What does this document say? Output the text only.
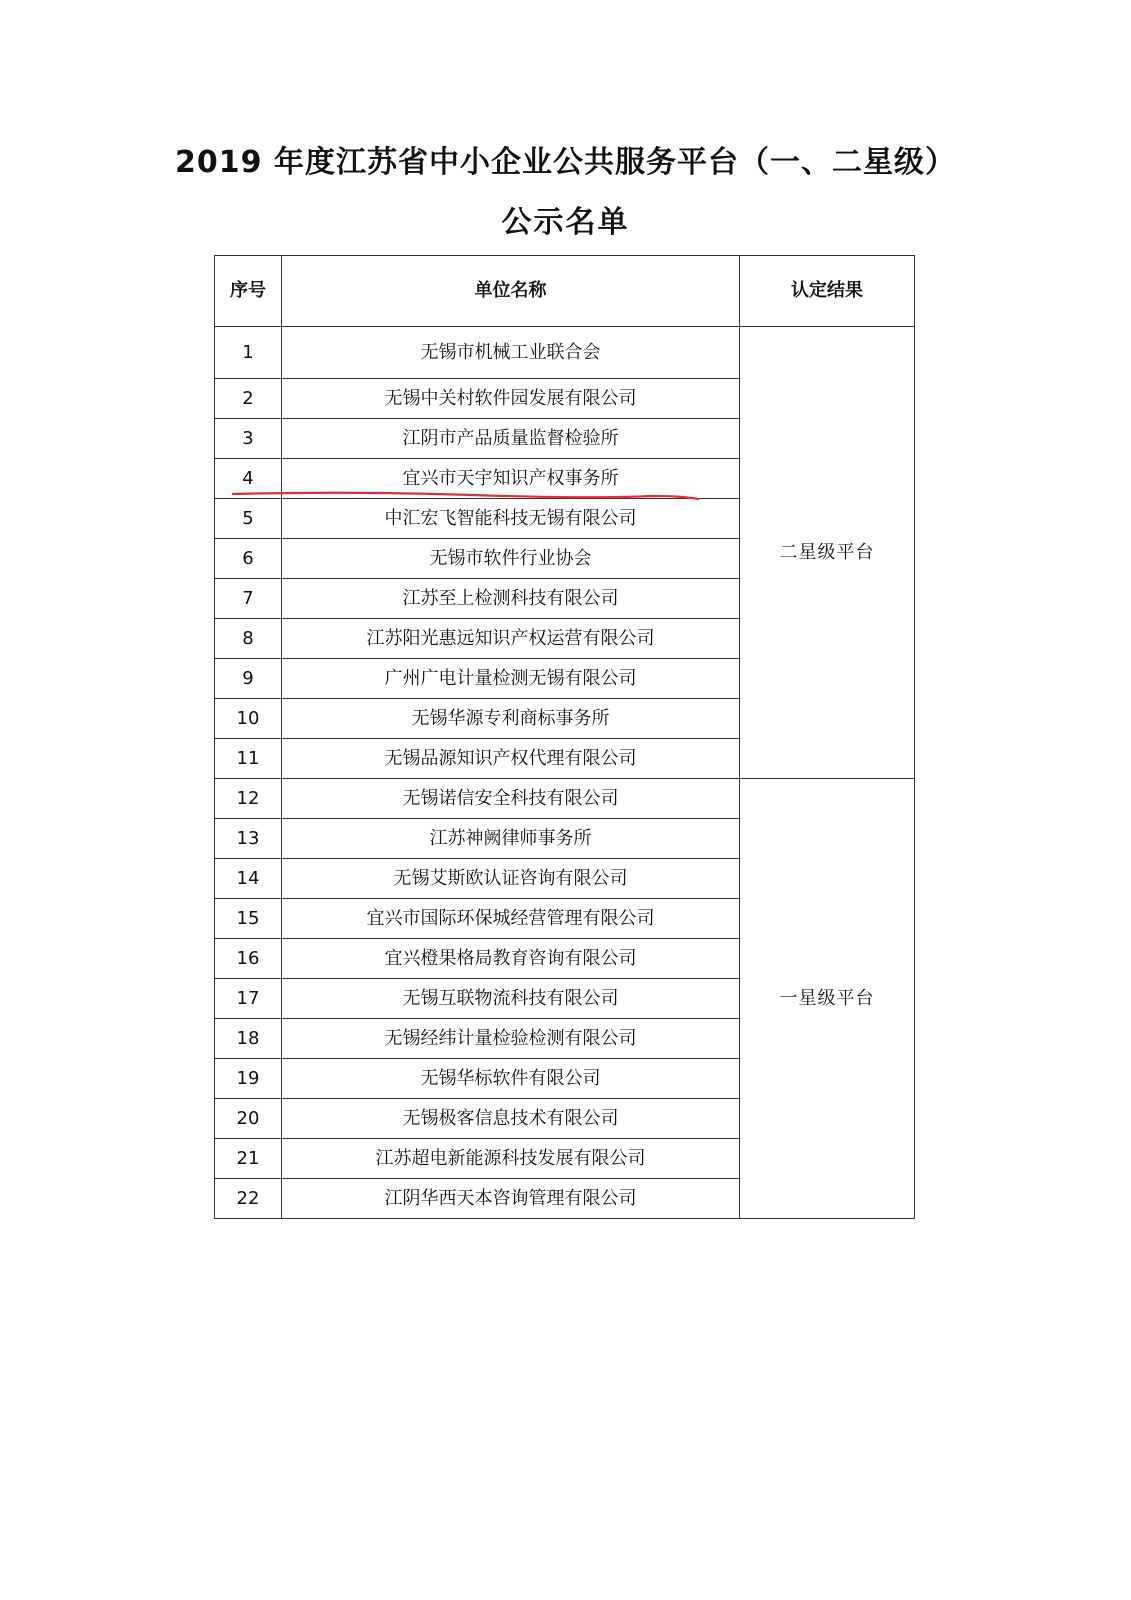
2019 年度江苏省中小企业公共服务平台（一、二星级）
公示名单
序号	单位名称	认定结果
1	无锡市机械工业联合会	二星级平台
2	无锡中关村软件园发展有限公司	
3	江阴市产品质量监督检验所	
4	宜兴市天宇知识产权事务所	
5	中汇宏飞智能科技无锡有限公司	
6	无锡市软件行业协会	
7	江苏至上检测科技有限公司	
8	江苏阳光惠远知识产权运营有限公司	
9	广州广电计量检测无锡有限公司	
10	无锡华源专利商标事务所	
11	无锡品源知识产权代理有限公司	
12	无锡诺信安全科技有限公司	一星级平台
13	江苏神阙律师事务所	
14	无锡艾斯欧认证咨询有限公司	
15	宜兴市国际环保城经营管理有限公司	
16	宜兴橙果格局教育咨询有限公司	
17	无锡互联物流科技有限公司	
18	无锡经纬计量检验检测有限公司	
19	无锡华标软件有限公司	
20	无锡极客信息技术有限公司	
21	江苏超电新能源科技发展有限公司	
22	江阴华西天本咨询管理有限公司	
